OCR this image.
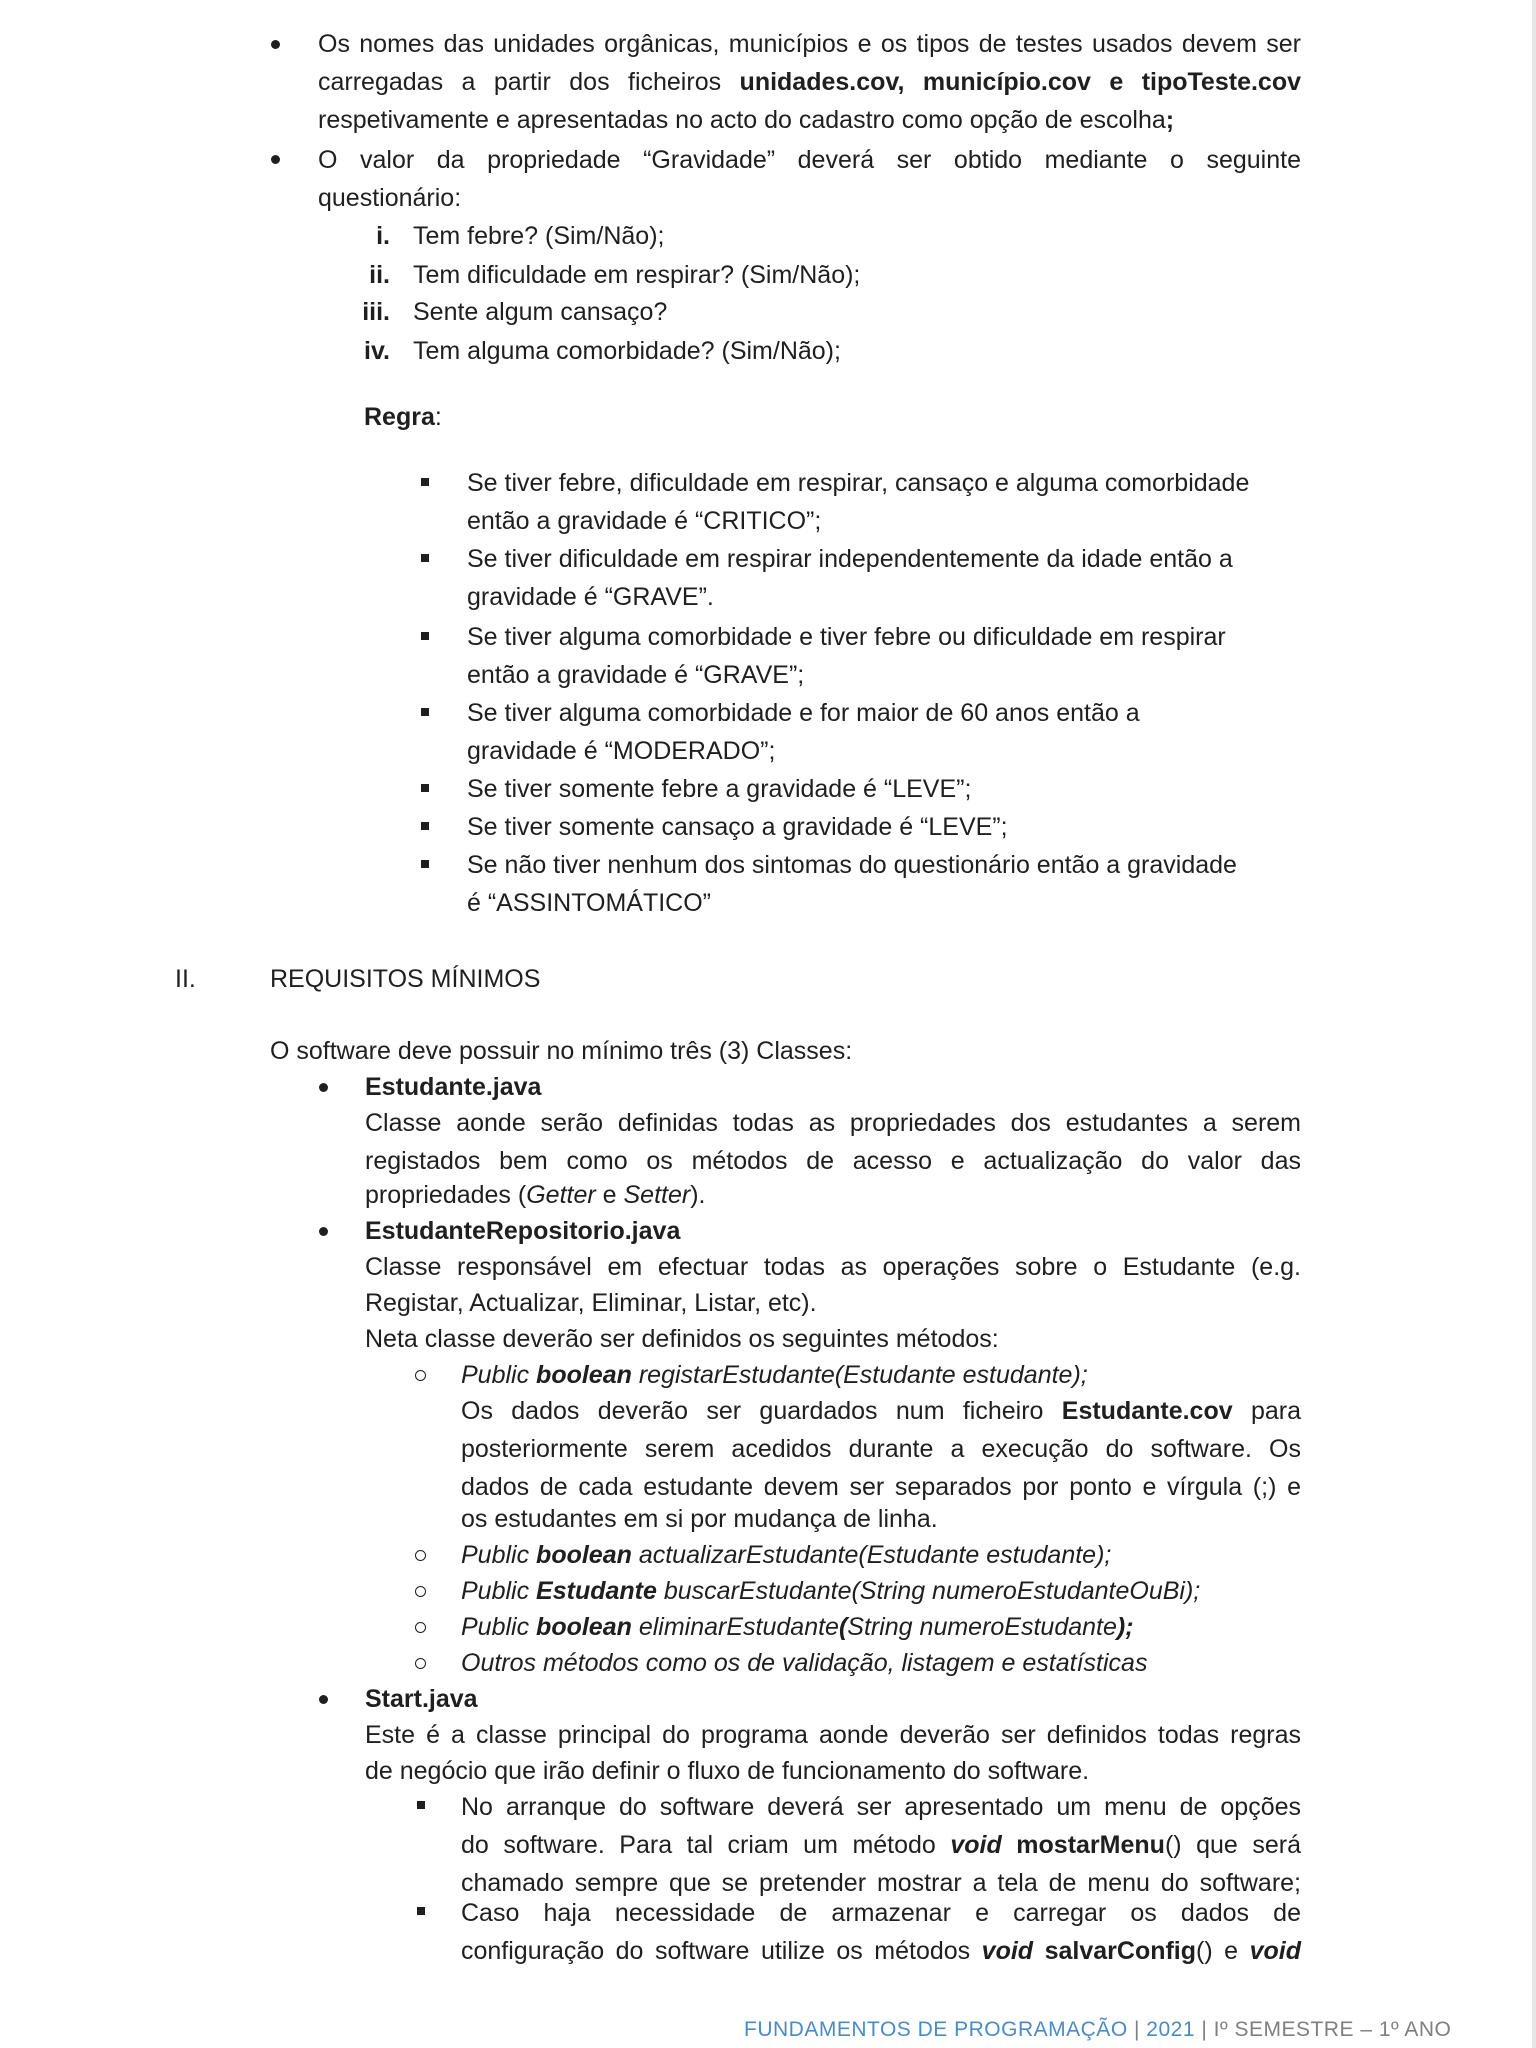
Os nomes das unidades orgânicas, municípios e os tipos de testes usados devem ser
carregadas a partir dos ficheiros unidades.cov, município.cov e tipoTeste.cov
respetivamente e apresentadas no acto do cadastro como opção de escolha;
O valor da propriedade “Gravidade” deverá ser obtido mediante o seguinte
questionário:
i. Tem febre? (Sim/Não);
ii. Tem dificuldade em respirar? (Sim/Não);
iii. Sente algum cansaço?
iv. Tem alguma comorbidade? (Sim/Não);
Regra:
Se tiver febre, dificuldade em respirar, cansaço e alguma comorbidade
então a gravidade é “CRITICO”;
Se tiver dificuldade em respirar independentemente da idade então a
gravidade é “GRAVE”.
Se tiver alguma comorbidade e tiver febre ou dificuldade em respirar
então a gravidade é “GRAVE”;
Se tiver alguma comorbidade e for maior de 60 anos então a
gravidade é “MODERADO”;
Se tiver somente febre a gravidade é “LEVE”;
Se tiver somente cansaço a gravidade é “LEVE”;
Se não tiver nenhum dos sintomas do questionário então a gravidade
é “ASSINTOMÁTICO”
II.	REQUISITOS MÍNIMOS
O software deve possuir no mínimo três (3) Classes:
Estudante.java
Classe aonde serão definidas todas as propriedades dos estudantes a serem
registados bem como os métodos de acesso e actualização do valor das
propriedades (Getter e Setter).
EstudanteRepositorio.java
Classe responsável em efectuar todas as operações sobre o Estudante (e.g.
Registar, Actualizar, Eliminar, Listar, etc).
Neta classe deverão ser definidos os seguintes métodos:
Public boolean registarEstudante(Estudante estudante);
Os dados deverão ser guardados num ficheiro Estudante.cov para
posteriormente serem acedidos durante a execução do software. Os
dados de cada estudante devem ser separados por ponto e vírgula (;) e
os estudantes em si por mudança de linha.
Public boolean actualizarEstudante(Estudante estudante);
Public Estudante buscarEstudante(String numeroEstudanteOuBi);
Public boolean eliminarEstudante(String numeroEstudante);
Outros métodos como os de validação, listagem e estatísticas
Start.java
Este é a classe principal do programa aonde deverão ser definidos todas regras
de negócio que irão definir o fluxo de funcionamento do software.
No arranque do software deverá ser apresentado um menu de opções
do software. Para tal criam um método void mostarMenu() que será
chamado sempre que se pretender mostrar a tela de menu do software;
Caso haja necessidade de armazenar e carregar os dados de
configuração do software utilize os métodos void salvarConfig() e void
FUNDAMENTOS DE PROGRAMAÇÃO | 2021 | Iº SEMESTRE – 1º ANO
